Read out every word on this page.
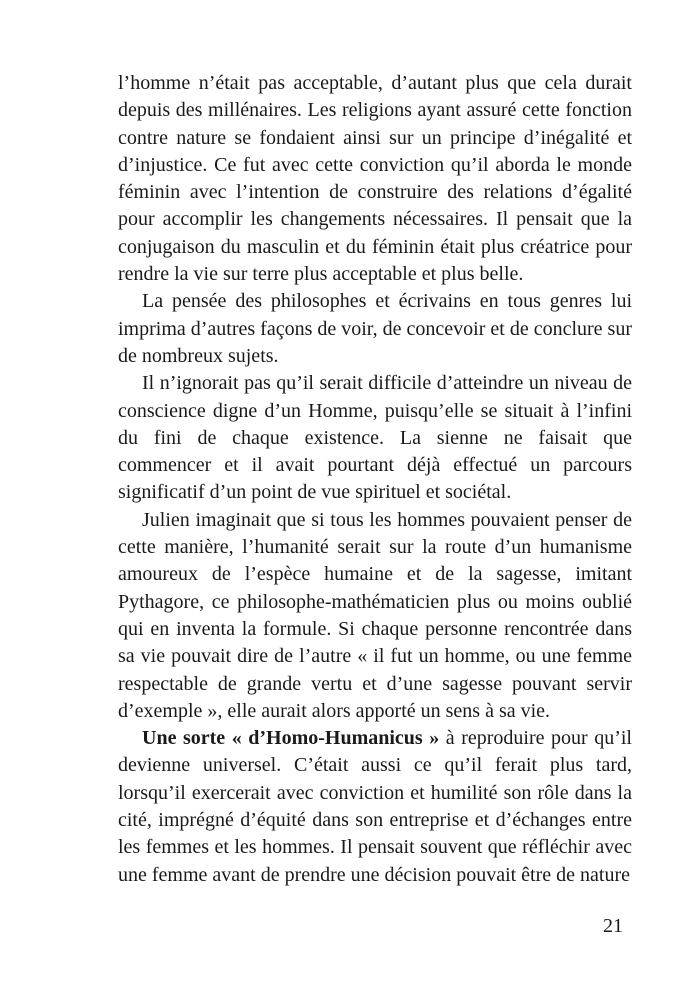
l’homme n’était pas acceptable, d’autant plus que cela durait depuis des millénaires. Les religions ayant assuré cette fonction contre nature se fondaient ainsi sur un principe d’inégalité et d’injustice. Ce fut avec cette conviction qu’il aborda le monde féminin avec l’intention de construire des relations d’égalité pour accomplir les changements nécessaires. Il pensait que la conjugaison du masculin et du féminin était plus créatrice pour rendre la vie sur terre plus acceptable et plus belle.

La pensée des philosophes et écrivains en tous genres lui imprima d’autres façons de voir, de concevoir et de conclure sur de nombreux sujets.

Il n’ignorait pas qu’il serait difficile d’atteindre un niveau de conscience digne d’un Homme, puisqu’elle se situait à l’infini du fini de chaque existence. La sienne ne faisait que commencer et il avait pourtant déjà effectué un parcours significatif d’un point de vue spirituel et sociétal.

Julien imaginait que si tous les hommes pouvaient penser de cette manière, l’humanité serait sur la route d’un humanisme amoureux de l’espèce humaine et de la sagesse, imitant Pythagore, ce philosophe-mathématicien plus ou moins oublié qui en inventa la formule. Si chaque personne rencontrée dans sa vie pouvait dire de l’autre « il fut un homme, ou une femme respectable de grande vertu et d’une sagesse pouvant servir d’exemple », elle aurait alors apporté un sens à sa vie.

Une sorte « d’Homo-Humanicus » à reproduire pour qu’il devienne universel. C’était aussi ce qu’il ferait plus tard, lorsqu’il exercerait avec conviction et humilité son rôle dans la cité, imprégné d’équité dans son entreprise et d’échanges entre les femmes et les hommes. Il pensait souvent que réfléchir avec une femme avant de prendre une décision pouvait être de nature

21
